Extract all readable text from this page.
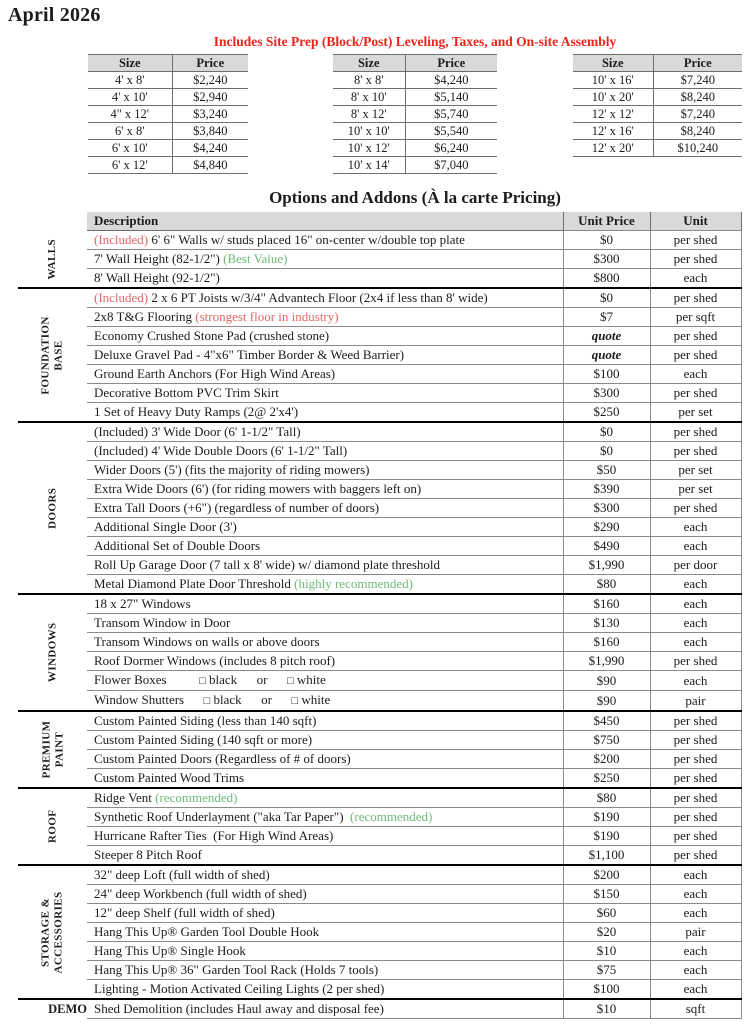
April 2026
Includes Site Prep (Block/Post) Leveling, Taxes, and On-site Assembly
Size	Price
4' x 8'	$2,240
4' x 10'	$2,940
4" x 12'	$3,240
6' x 8'	$3,840
6' x 10'	$4,240
6' x 12'	$4,840
Size	Price
8' x 8'	$4,240
8' x 10'	$5,140
8' x 12'	$5,740
10' x 10'	$5,540
10' x 12'	$6,240
10' x 14'	$7,040
Size	Price
10' x 16'	$7,240
10' x 20'	$8,240
12' x 12'	$7,240
12' x 16'	$8,240
12' x 20'	$10,240
Options and Addons (À la carte Pricing)
	Description	Unit Price	Unit

WALLS	(Included) 6' 6" Walls w/ studs placed 16" on-center w/double top plate	$0	per shed
	7' Wall Height (82-1/2") (Best Value)	$300	per shed
	8' Wall Height (92-1/2")	$800	each

FOUNDATION BASE	(Included) 2 x 6 PT Joists w/3/4" Advantech Floor (2x4 if less than 8' wide)	$0	per shed
	2x8 T&G Flooring (strongest floor in industry)	$7	per sqft
	Economy Crushed Stone Pad (crushed stone)	quote	per shed
	Deluxe Gravel Pad - 4"x6" Timber Border & Weed Barrier)	quote	per shed
	Ground Earth Anchors (For High Wind Areas)	$100	each
	Decorative Bottom PVC Trim Skirt	$300	per shed
	1 Set of Heavy Duty Ramps (2@ 2'x4')	$250	per set

DOORS	(Included) 3' Wide Door (6' 1-1/2" Tall)	$0	per shed
	(Included) 4' Wide Double Doors (6' 1-1/2" Tall)	$0	per shed
	Wider Doors (5') (fits the majority of riding mowers)	$50	per set
	Extra Wide Doors (6') (for riding mowers with baggers left on)	$390	per set
	Extra Tall Doors (+6") (regardless of number of doors)	$300	per shed
	Additional Single Door (3')	$290	each
	Additional Set of Double Doors	$490	each
	Roll Up Garage Door (7 tall x 8' wide) w/ diamond plate threshold	$1,990	per door
	Metal Diamond Plate Door Threshold (highly recommended)	$80	each

WINDOWS	18 x 27" Windows	$160	each
	Transom Window in Door	$130	each
	Transom Windows on walls or above doors	$160	each
	Roof Dormer Windows (includes 8 pitch roof)	$1,990	per shed
	Flower Boxes   □ black  or  □ white	$90	each
	Window Shutters  □ black  or  □ white	$90	pair

PREMIUM PAINT	Custom Painted Siding (less than 140 sqft)	$450	per shed
	Custom Painted Siding (140 sqft or more)	$750	per shed
	Custom Painted Doors (Regardless of # of doors)	$200	per shed
	Custom Painted Wood Trims	$250	per shed

ROOF	Ridge Vent (recommended)	$80	per shed
	Synthetic Roof Underlayment ("aka Tar Paper") (recommended)	$190	per shed
	Hurricane Rafter Ties (For High Wind Areas)	$190	per shed
	Steeper 8 Pitch Roof	$1,100	per shed

STORAGE & ACCESSORIES	32" deep Loft (full width of shed)	$200	each
	24" deep Workbench (full width of shed)	$150	each
	12" deep Shelf (full width of shed)	$60	each
	Hang This Up® Garden Tool Double Hook	$20	pair
	Hang This Up® Single Hook	$10	each
	Hang This Up® 36" Garden Tool Rack (Holds 7 tools)	$75	each
	Lighting - Motion Activated Ceiling Lights (2 per shed)	$100	each
DEMO	Shed Demolition (includes Haul away and disposal fee)	$10	sqft
